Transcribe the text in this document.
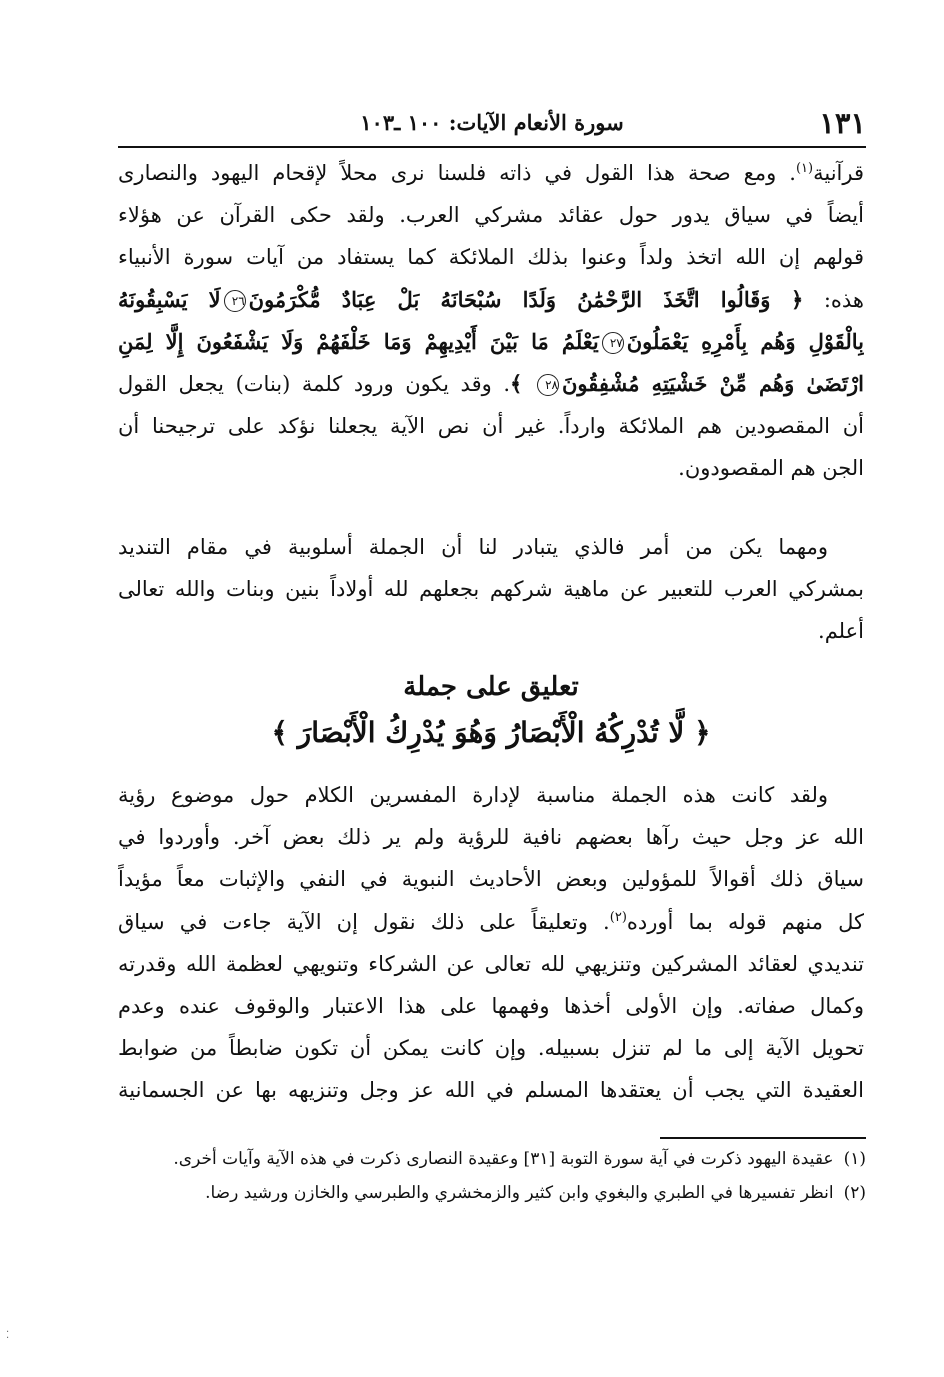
١٣١
سورة الأنعام الآيات: ١٠٠ ـ١٠٣
قرآنية$^{(١)}$. ومع صحة هذا القول في ذاته فلسنا نرى محلاً لإقحام اليهود والنصارى
أيضاً في سياق يدور حول عقائد مشركي العرب. ولقد حكى القرآن عن هؤلاء
قولهم إن الله اتخذ ولداً وعنوا بذلك الملائكة كما يستفاد من آيات سورة الأنبياء
هذه: ﴿ وَقَالُوا اتَّخَذَ الرَّحْمَٰنُ وَلَدًا سُبْحَانَهُ بَلْ عِبَادٌ مُّكْرَمُونَ٢٦لَا يَسْبِقُونَهُ
بِالْقَوْلِ وَهُم بِأَمْرِهِ يَعْمَلُونَ٢٧يَعْلَمُ مَا بَيْنَ أَيْدِيهِمْ وَمَا خَلْفَهُمْ وَلَا يَشْفَعُونَ إِلَّا لِمَنِ
ارْتَضَىٰ وَهُم مِّنْ خَشْيَتِهِ مُشْفِقُونَ٢٨ ﴾. وقد يكون ورود كلمة (بنات) يجعل القول
أن المقصودين هم الملائكة وارداً. غير أن نص الآية يجعلنا نؤكد على ترجيحنا أن
الجن هم المقصودون.
ومهما يكن من أمر فالذي يتبادر لنا أن الجملة أسلوبية في مقام التنديد
بمشركي العرب للتعبير عن ماهية شركهم بجعلهم لله أولاداً بنين وبنات والله تعالى
أعلم.
تعليق على جملة
﴿ لَّا تُدْرِكُهُ الْأَبْصَارُ وَهُوَ يُدْرِكُ الْأَبْصَارَ ﴾
ولقد كانت هذه الجملة مناسبة لإدارة المفسرين الكلام حول موضوع رؤية
الله عز وجل حيث رآها بعضهم نافية للرؤية ولم ير ذلك بعض آخر. وأوردوا في
سياق ذلك أقوالاً للمؤولين وبعض الأحاديث النبوية في النفي والإثبات معاً مؤيداً
كل منهم قوله بما أورده$^{(٢)}$. وتعليقاً على ذلك نقول إن الآية جاءت في سياق
تنديدي لعقائد المشركين وتنزيهي لله تعالى عن الشركاء وتنويهي لعظمة الله وقدرته
وكمال صفاته. وإن الأولى أخذها وفهمها على هذا الاعتبار والوقوف عنده وعدم
تحويل الآية إلى ما لم تنزل بسبيله. وإن كانت يمكن أن تكون ضابطاً من ضوابط
العقيدة التي يجب أن يعتقدها المسلم في الله عز وجل وتنزيهه بها عن الجسمانية
(١)
عقيدة اليهود ذكرت في آية سورة التوبة [٣١] وعقيدة النصارى ذكرت في هذه الآية وآيات أخرى.
(٢)
انظر تفسيرها في الطبري والبغوي وابن كثير والزمخشري والطبرسي والخازن ورشيد رضا.
⁚
